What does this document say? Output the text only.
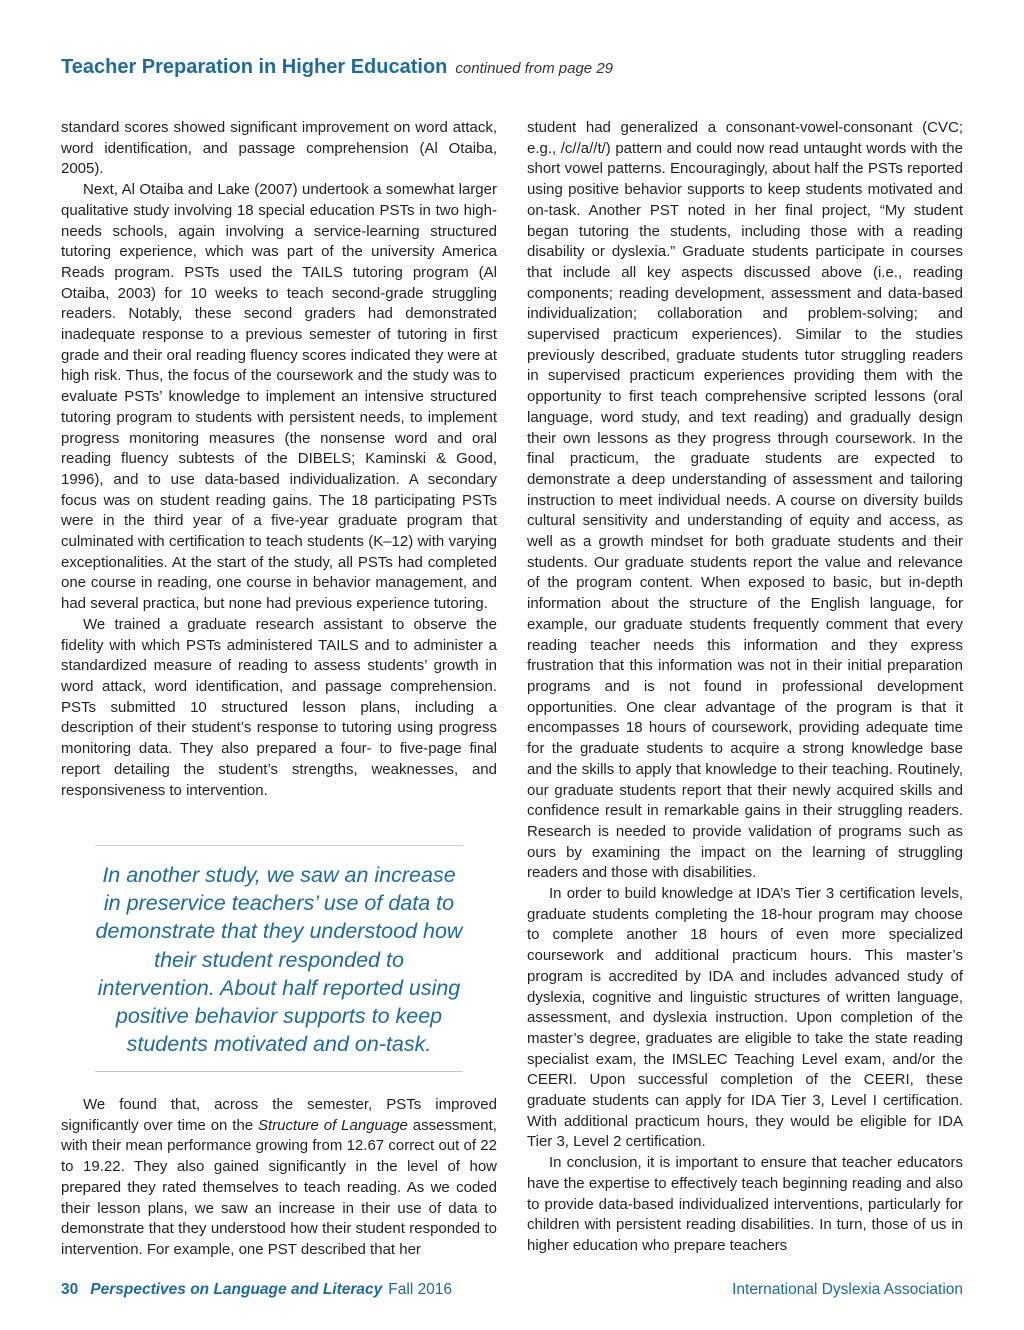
Teacher Preparation in Higher Education continued from page 29

standard scores showed significant improvement on word attack, word identification, and passage comprehension (Al Otaiba, 2005).

Next, Al Otaiba and Lake (2007) undertook a somewhat larger qualitative study involving 18 special education PSTs in two high-needs schools, again involving a service-learning structured tutoring experience, which was part of the university America Reads program. PSTs used the TAILS tutoring program (Al Otaiba, 2003) for 10 weeks to teach second-grade struggling readers. Notably, these second graders had demonstrated inadequate response to a previous semester of tutoring in first grade and their oral reading fluency scores indicated they were at high risk. Thus, the focus of the coursework and the study was to evaluate PSTs’ knowledge to implement an intensive structured tutoring program to students with persistent needs, to implement progress monitoring measures (the nonsense word and oral reading fluency subtests of the DIBELS; Kaminski & Good, 1996), and to use data-based individualization. A secondary focus was on student reading gains. The 18 participating PSTs were in the third year of a five-year graduate program that culminated with certification to teach students (K–12) with varying exceptionalities. At the start of the study, all PSTs had completed one course in reading, one course in behavior management, and had several practica, but none had previous experience tutoring.

We trained a graduate research assistant to observe the fidelity with which PSTs administered TAILS and to administer a standardized measure of reading to assess students’ growth in word attack, word identification, and passage comprehension. PSTs submitted 10 structured lesson plans, including a description of their student’s response to tutoring using progress monitoring data. They also prepared a four- to five-page final report detailing the student’s strengths, weaknesses, and responsiveness to intervention.

In another study, we saw an increase in preservice teachers’ use of data to demonstrate that they understood how their student responded to intervention. About half reported using positive behavior supports to keep students motivated and on-task.

We found that, across the semester, PSTs improved significantly over time on the Structure of Language assessment, with their mean performance growing from 12.67 correct out of 22 to 19.22. They also gained significantly in the level of how prepared they rated themselves to teach reading. As we coded their lesson plans, we saw an increase in their use of data to demonstrate that they understood how their student responded to intervention. For example, one PST described that her

student had generalized a consonant-vowel-consonant (CVC; e.g., /c//a//t/) pattern and could now read untaught words with the short vowel patterns. Encouragingly, about half the PSTs reported using positive behavior supports to keep students motivated and on-task. Another PST noted in her final project, “My student began tutoring the students, including those with a reading disability or dyslexia.” Graduate students participate in courses that include all key aspects discussed above (i.e., reading components; reading development, assessment and data-based individualization; collaboration and problem-solving; and supervised practicum experiences). Similar to the studies previously described, graduate students tutor struggling readers in supervised practicum experiences providing them with the opportunity to first teach comprehensive scripted lessons (oral language, word study, and text reading) and gradually design their own lessons as they progress through coursework. In the final practicum, the graduate students are expected to demonstrate a deep understanding of assessment and tailoring instruction to meet individual needs. A course on diversity builds cultural sensitivity and understanding of equity and access, as well as a growth mindset for both graduate students and their students. Our graduate students report the value and relevance of the program content. When exposed to basic, but in-depth information about the structure of the English language, for example, our graduate students frequently comment that every reading teacher needs this information and they express frustration that this information was not in their initial preparation programs and is not found in professional development opportunities. One clear advantage of the program is that it encompasses 18 hours of coursework, providing adequate time for the graduate students to acquire a strong knowledge base and the skills to apply that knowledge to their teaching. Routinely, our graduate students report that their newly acquired skills and confidence result in remarkable gains in their struggling readers. Research is needed to provide validation of programs such as ours by examining the impact on the learning of struggling readers and those with disabilities.

In order to build knowledge at IDA’s Tier 3 certification levels, graduate students completing the 18-hour program may choose to complete another 18 hours of even more specialized coursework and additional practicum hours. This master’s program is accredited by IDA and includes advanced study of dyslexia, cognitive and linguistic structures of written language, assessment, and dyslexia instruction. Upon completion of the master’s degree, graduates are eligible to take the state reading specialist exam, the IMSLEC Teaching Level exam, and/or the CEERI. Upon successful completion of the CEERI, these graduate students can apply for IDA Tier 3, Level I certification. With additional practicum hours, they would be eligible for IDA Tier 3, Level 2 certification.

In conclusion, it is important to ensure that teacher educators have the expertise to effectively teach beginning reading and also to provide data-based individualized interventions, particularly for children with persistent reading disabilities. In turn, those of us in higher education who prepare teachers

30 Perspectives on Language and Literacy Fall 2016	International Dyslexia Association
